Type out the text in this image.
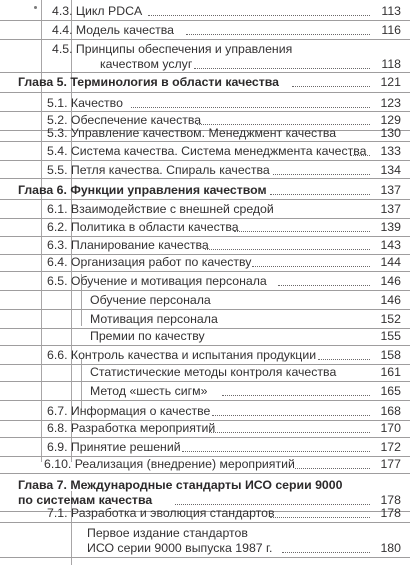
4.3. Цикл PDCA	113
4.4. Модель качества	116
4.5. Принципы обеспечения и управления
качеством услуг	118
Глава 5. Терминология в области качества	121
5.1. Качество	123
5.2. Обеспечение качества	129
5.3. Управление качеством. Менеджмент качества	130
5.4. Система качества. Система менеджмента качества 133
5.5. Петля качества. Спираль качества	134
Глава 6. Функции управления качеством	137
6.1. Взаимодействие с внешней средой	137
6.2. Политика в области качества	139
6.3. Планирование качества	143
6.4. Организация работ по качеству	144
6.5. Обучение и мотивация персонала	146
Обучение персонала	146
Мотивация персонала	152
Премии по качеству	155
6.6. Контроль качества и испытания продукции	158
Статистические методы контроля качества	161
Метод «шесть сигм»	165
6.7. Информация о качестве	168
6.8. Разработка мероприятий	170
6.9. Принятие решений	172
6.10. Реализация (внедрение) мероприятий	177
Глава 7. Международные стандарты ИСО серии 9000
по системам качества	178
7.1. Разработка и эволюция стандартов	178
Первое издание стандартов
ИСО серии 9000 выпуска 1987 г.	180
